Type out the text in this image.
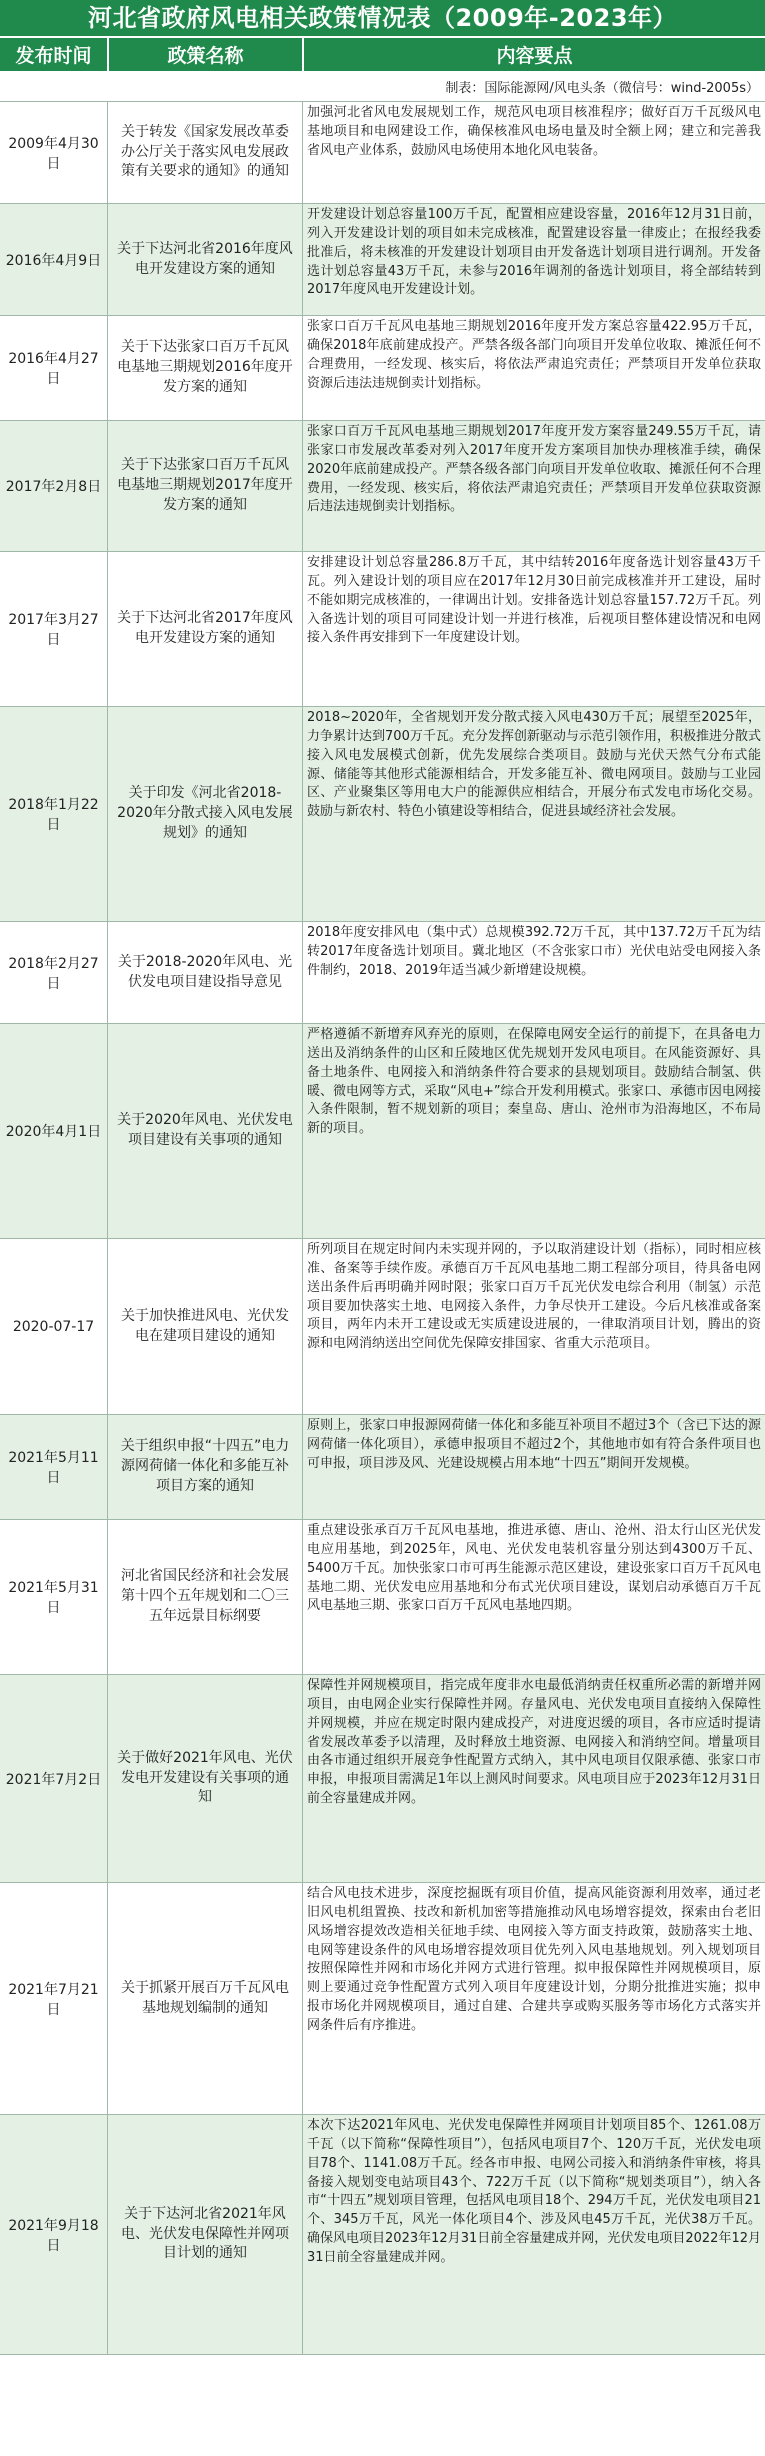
河北省政府风电相关政策情况表（2009年-2023年）
发布时间	政策名称	内容要点
制表：国际能源网/风电头条（微信号：wind-2005s）
2009年4月30日
关于转发《国家发展改革委办公厅关于落实风电发展政策有关要求的通知》的通知
加强河北省风电发展规划工作，规范风电项目核准程序；做好百万千瓦级风电基地项目和电网建设工作，确保核准风电场电量及时全额上网；建立和完善我省风电产业体系，鼓励风电场使用本地化风电装备。
2016年4月9日
关于下达河北省2016年度风电开发建设方案的通知
开发建设计划总容量100万千瓦，配置相应建设容量，2016年12月31日前，列入开发建设计划的项目如未完成核准，配置建设容量一律废止；在报经我委批准后，将未核准的开发建设计划项目由开发备选计划项目进行调剂。开发备选计划总容量43万千瓦，未参与2016年调剂的备选计划项目，将全部结转到2017年度风电开发建设计划。
2016年4月27日
关于下达张家口百万千瓦风电基地三期规划2016年度开发方案的通知
张家口百万千瓦风电基地三期规划2016年度开发方案总容量422.95万千瓦，确保2018年底前建成投产。严禁各级各部门向项目开发单位收取、摊派任何不合理费用，一经发现、核实后，将依法严肃追究责任；严禁项目开发单位获取资源后违法违规倒卖计划指标。
2017年2月8日
关于下达张家口百万千瓦风电基地三期规划2017年度开发方案的通知
张家口百万千瓦风电基地三期规划2017年度开发方案容量249.55万千瓦，请张家口市发展改革委对列入2017年度开发方案项目加快办理核准手续，确保2020年底前建成投产。严禁各级各部门向项目开发单位收取、摊派任何不合理费用，一经发现、核实后，将依法严肃追究责任；严禁项目开发单位获取资源后违法违规倒卖计划指标。
2017年3月27日
关于下达河北省2017年度风电开发建设方案的通知
安排建设计划总容量286.8万千瓦，其中结转2016年度备选计划容量43万千瓦。列入建设计划的项目应在2017年12月30日前完成核准并开工建设，届时不能如期完成核准的，一律调出计划。安排备选计划总容量157.72万千瓦。列入备选计划的项目可同建设计划一并进行核准，后视项目整体建设情况和电网接入条件再安排到下一年度建设计划。
2018年1月22日
关于印发《河北省2018-2020年分散式接入风电发展规划》的通知
2018~2020年，全省规划开发分散式接入风电430万千瓦；展望至2025年，力争累计达到700万千瓦。充分发挥创新驱动与示范引领作用，积极推进分散式接入风电发展模式创新，优先发展综合类项目。鼓励与光伏天然气分布式能源、储能等其他形式能源相结合，开发多能互补、微电网项目。鼓励与工业园区、产业聚集区等用电大户的能源供应相结合，开展分布式发电市场化交易。鼓励与新农村、特色小镇建设等相结合，促进县域经济社会发展。
2018年2月27日
关于2018-2020年风电、光伏发电项目建设指导意见
2018年度安排风电（集中式）总规模392.72万千瓦，其中137.72万千瓦为结转2017年度备选计划项目。冀北地区（不含张家口市）光伏电站受电网接入条件制约，2018、2019年适当减少新增建设规模。
2020年4月1日
关于2020年风电、光伏发电项目建设有关事项的通知
严格遵循不新增弃风弃光的原则，在保障电网安全运行的前提下，在具备电力送出及消纳条件的山区和丘陵地区优先规划开发风电项目。在风能资源好、具备土地条件、电网接入和消纳条件符合要求的县规划项目。鼓励结合制氢、供暖、微电网等方式，采取“风电+”综合开发利用模式。张家口、承德市因电网接入条件限制，暂不规划新的项目；秦皇岛、唐山、沧州市为沿海地区，不布局新的项目。
2020-07-17
关于加快推进风电、光伏发电在建项目建设的通知
所列项目在规定时间内未实现并网的，予以取消建设计划（指标），同时相应核准、备案等手续作废。承德百万千瓦风电基地二期工程部分项目，待具备电网送出条件后再明确并网时限；张家口百万千瓦光伏发电综合利用（制氢）示范项目要加快落实土地、电网接入条件，力争尽快开工建设。今后凡核准或备案项目，两年内未开工建设或无实质建设进展的，一律取消项目计划，腾出的资源和电网消纳送出空间优先保障安排国家、省重大示范项目。
2021年5月11日
关于组织申报“十四五”电力源网荷储一体化和多能互补项目方案的通知
原则上，张家口申报源网荷储一体化和多能互补项目不超过3个（含已下达的源网荷储一体化项目），承德申报项目不超过2个，其他地市如有符合条件项目也可申报，项目涉及风、光建设规模占用本地“十四五”期间开发规模。
2021年5月31日
河北省国民经济和社会发展第十四个五年规划和二〇三五年远景目标纲要
重点建设张承百万千瓦风电基地，推进承德、唐山、沧州、沿太行山区光伏发电应用基地，到2025年，风电、光伏发电装机容量分别达到4300万千瓦、5400万千瓦。加快张家口市可再生能源示范区建设，建设张家口百万千瓦风电基地二期、光伏发电应用基地和分布式光伏项目建设，谋划启动承德百万千瓦风电基地三期、张家口百万千瓦风电基地四期。
2021年7月2日
关于做好2021年风电、光伏发电开发建设有关事项的通知
保障性并网规模项目，指完成年度非水电最低消纳责任权重所必需的新增并网项目，由电网企业实行保障性并网。存量风电、光伏发电项目直接纳入保障性并网规模，并应在规定时限内建成投产，对进度迟缓的项目，各市应适时提请省发展改革委予以清理，及时释放土地资源、电网接入和消纳空间。增量项目由各市通过组织开展竞争性配置方式纳入，其中风电项目仅限承德、张家口市申报，申报项目需满足1年以上测风时间要求。风电项目应于2023年12月31日前全容量建成并网。
2021年7月21日
关于抓紧开展百万千瓦风电基地规划编制的通知
结合风电技术进步，深度挖掘既有项目价值，提高风能资源利用效率，通过老旧风电机组置换、技改和新机加密等措施推动风电场增容提效，探索由台老旧风场增容提效改造相关征地手续、电网接入等方面支持政策，鼓励落实土地、电网等建设条件的风电场增容提效项目优先列入风电基地规划。列入规划项目按照保障性并网和市场化并网方式进行管理。拟申报保障性并网规模项目，原则上要通过竞争性配置方式列入项目年度建设计划，分期分批推进实施；拟申报市场化并网规模项目，通过自建、合建共享或购买服务等市场化方式落实并网条件后有序推进。
2021年9月18日
关于下达河北省2021年风电、光伏发电保障性并网项目计划的通知
本次下达2021年风电、光伏发电保障性并网项目计划项目85个、1261.08万千瓦（以下简称“保障性项目”），包括风电项目7个、120万千瓦，光伏发电项目78个、1141.08万千瓦。经各市申报、电网公司接入和消纳条件审核，将具备接入规划变电站项目43个、722万千瓦（以下简称“规划类项目”），纳入各市“十四五”规划项目管理，包括风电项目18个、294万千瓦，光伏发电项目21个、345万千瓦，风光一体化项目4个、涉及风电45万千瓦，光伏38万千瓦。确保风电项目2023年12月31日前全容量建成并网，光伏发电项目2022年12月31日前全容量建成并网。
